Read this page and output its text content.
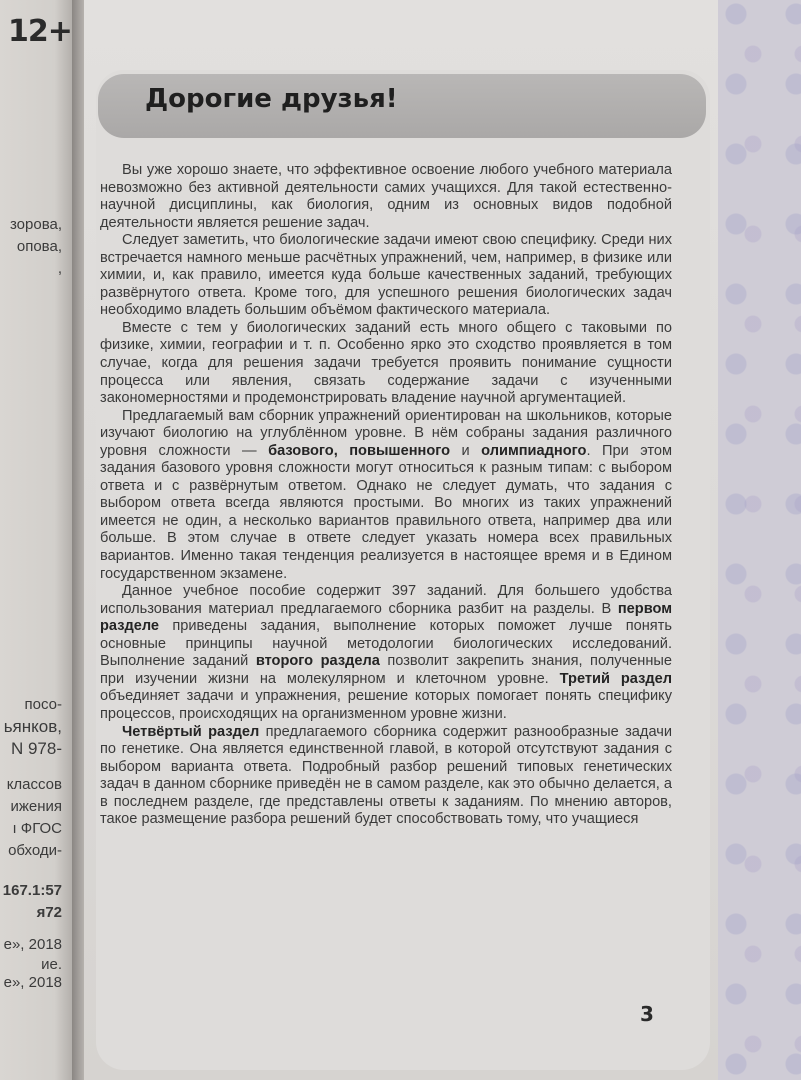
12+
зорова,
опова,
,
посо-
ьянков,
N 978-
классов
ижения
ı ФГОС
обходи-
167.1:57
я72
е», 2018
ие.
е», 2018
Дорогие друзья!

Вы уже хорошо знаете, что эффективное освоение любого учебного материала невозможно без активной деятельности самих учащихся. Для такой естественно-научной дисциплины, как биология, одним из основных видов подобной деятельности является решение задач.

Следует заметить, что биологические задачи имеют свою специфику. Среди них встречается намного меньше расчётных упражнений, чем, например, в физике или химии, и, как правило, имеется куда больше качественных заданий, требующих развёрнутого ответа. Кроме того, для успешного решения биологических задач необходимо владеть большим объёмом фактического материала.

Вместе с тем у биологических заданий есть много общего с таковыми по физике, химии, географии и т. п. Особенно ярко это сходство проявляется в том случае, когда для решения задачи требуется проявить понимание сущности процесса или явления, связать содержание задачи с изученными закономерностями и продемонстрировать владение научной аргументацией.

Предлагаемый вам сборник упражнений ориентирован на школьников, которые изучают биологию на углублённом уровне. В нём собраны задания различного уровня сложности — базового, повышенного и олимпиадного. При этом задания базового уровня сложности могут относиться к разным типам: с выбором ответа и с развёрнутым ответом. Однако не следует думать, что задания с выбором ответа всегда являются простыми. Во многих из таких упражнений имеется не один, а несколько вариантов правильного ответа, например два или больше. В этом случае в ответе следует указать номера всех правильных вариантов. Именно такая тенденция реализуется в настоящее время и в Едином государственном экзамене.

Данное учебное пособие содержит 397 заданий. Для большего удобства использования материал предлагаемого сборника разбит на разделы. В первом разделе приведены задания, выполнение которых поможет лучше понять основные принципы научной методологии биологических исследований. Выполнение заданий второго раздела позволит закрепить знания, полученные при изучении жизни на молекулярном и клеточном уровне. Третий раздел объединяет задачи и упражнения, решение которых помогает понять специфику процессов, происходящих на организменном уровне жизни.

Четвёртый раздел предлагаемого сборника содержит разнообразные задачи по генетике. Она является единственной главой, в которой отсутствуют задания с выбором варианта ответа. Подробный разбор решений типовых генетических задач в данном сборнике приведён не в самом разделе, как это обычно делается, а в последнем разделе, где представлены ответы к заданиям. По мнению авторов, такое размещение разбора решений будет способствовать тому, что учащиеся

3
